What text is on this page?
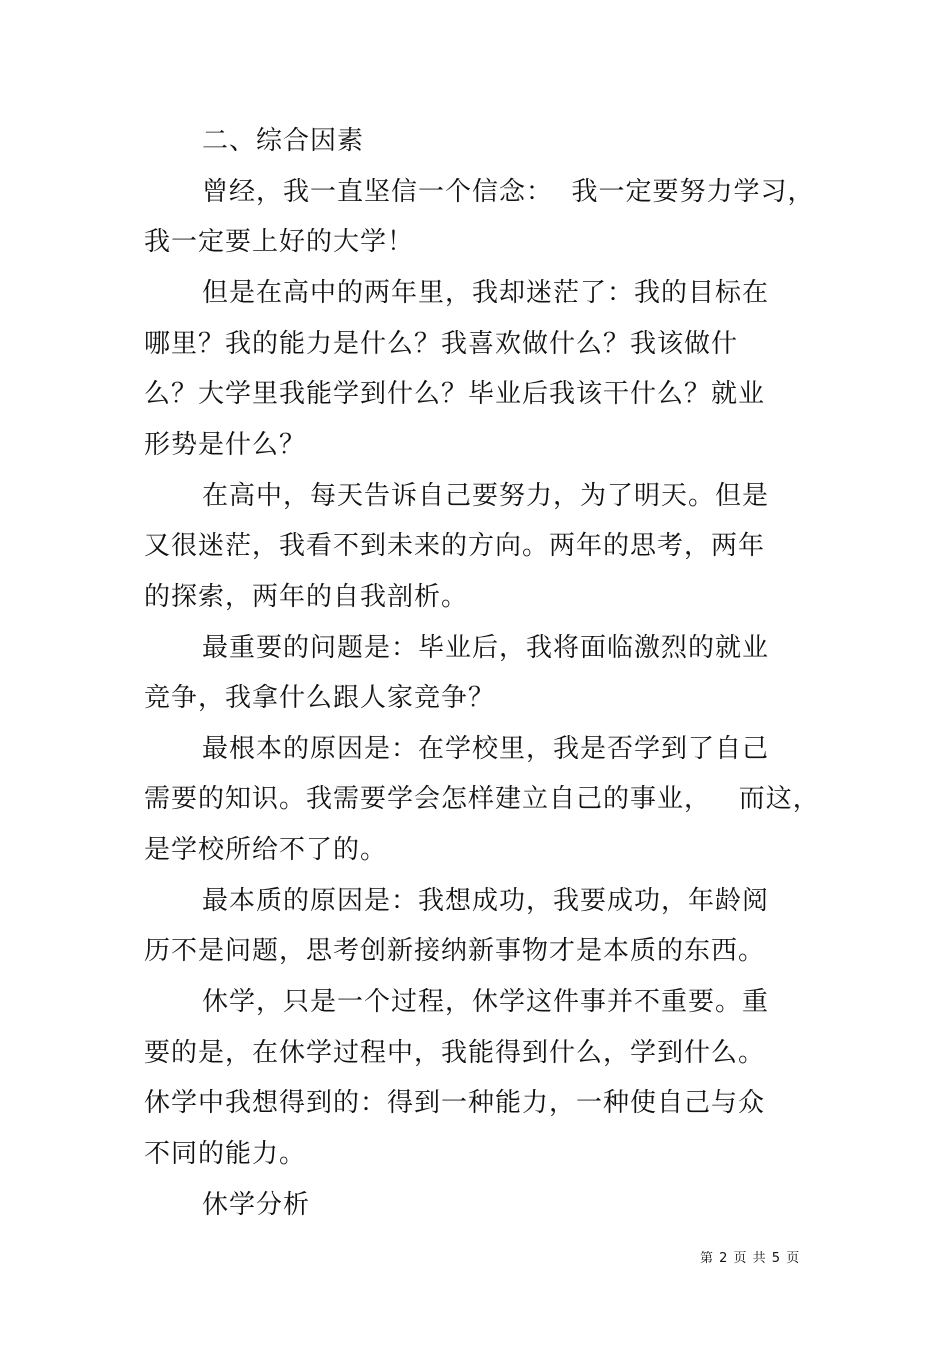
二、综合因素
曾经，我一直坚信一个信念：  我一定要努力学习，
我一定要上好的大学！
但是在高中的两年里，我却迷茫了：我的目标在
哪里？我的能力是什么？我喜欢做什么？我该做什
么？大学里我能学到什么？毕业后我该干什么？就业
形势是什么？
在高中，每天告诉自己要努力，为了明天。但是
又很迷茫，我看不到未来的方向。两年的思考，两年
的探索，两年的自我剖析。
最重要的问题是：毕业后，我将面临激烈的就业
竞争，我拿什么跟人家竞争？
最根本的原因是：在学校里，我是否学到了自己
需要的知识。我需要学会怎样建立自己的事业，   而这，
是学校所给不了的。
最本质的原因是：我想成功，我要成功，年龄阅
历不是问题，思考创新接纳新事物才是本质的东西。
休学，只是一个过程，休学这件事并不重要。重
要的是，在休学过程中，我能得到什么，学到什么。
休学中我想得到的：得到一种能力，一种使自己与众
不同的能力。
休学分析
第 2 页 共 5 页
